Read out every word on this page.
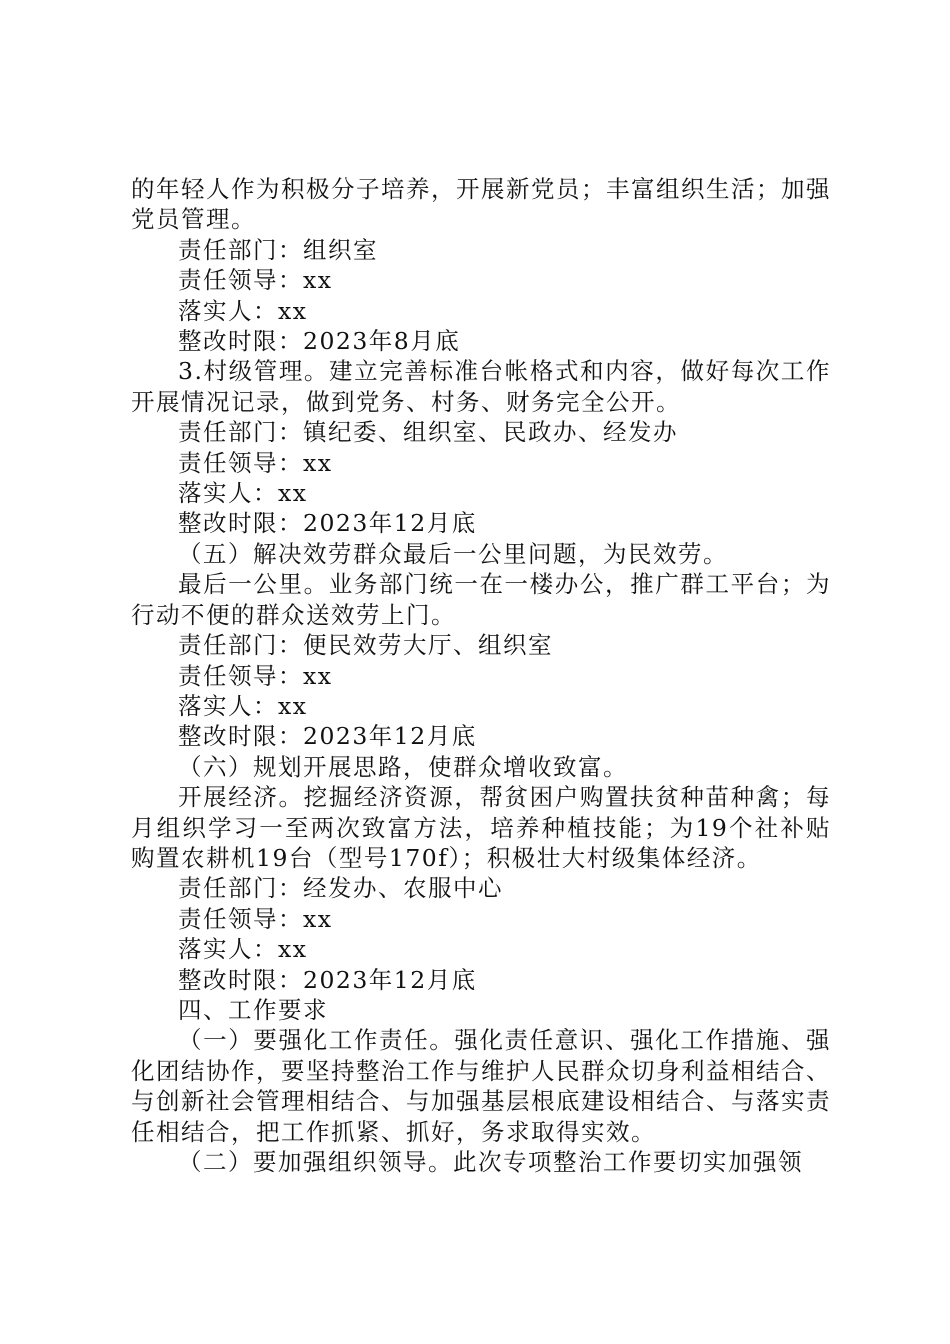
的年轻人作为积极分子培养，开展新党员；丰富组织生活；加强党员管理。

责任部门：组织室

责任领导：xx

落实人：xx

整改时限：2023年8月底

3.村级管理。建立完善标准台帐格式和内容，做好每次工作开展情况记录，做到党务、村务、财务完全公开。

责任部门：镇纪委、组织室、民政办、经发办

责任领导：xx

落实人：xx

整改时限：2023年12月底

（五）解决效劳群众最后一公里问题，为民效劳。

最后一公里。业务部门统一在一楼办公，推广群工平台；为行动不便的群众送效劳上门。

责任部门：便民效劳大厅、组织室

责任领导：xx

落实人：xx

整改时限：2023年12月底

（六）规划开展思路，使群众增收致富。

开展经济。挖掘经济资源，帮贫困户购置扶贫种苗种禽；每月组织学习一至两次致富方法，培养种植技能；为19个社补贴购置农耕机19台（型号170f）；积极壮大村级集体经济。

责任部门：经发办、农服中心

责任领导：xx

落实人：xx

整改时限：2023年12月底

四、工作要求

（一）要强化工作责任。强化责任意识、强化工作措施、强化团结协作，要坚持整治工作与维护人民群众切身利益相结合、与创新社会管理相结合、与加强基层根底建设相结合、与落实责任相结合，把工作抓紧、抓好，务求取得实效。

（二）要加强组织领导。此次专项整治工作要切实加强领
